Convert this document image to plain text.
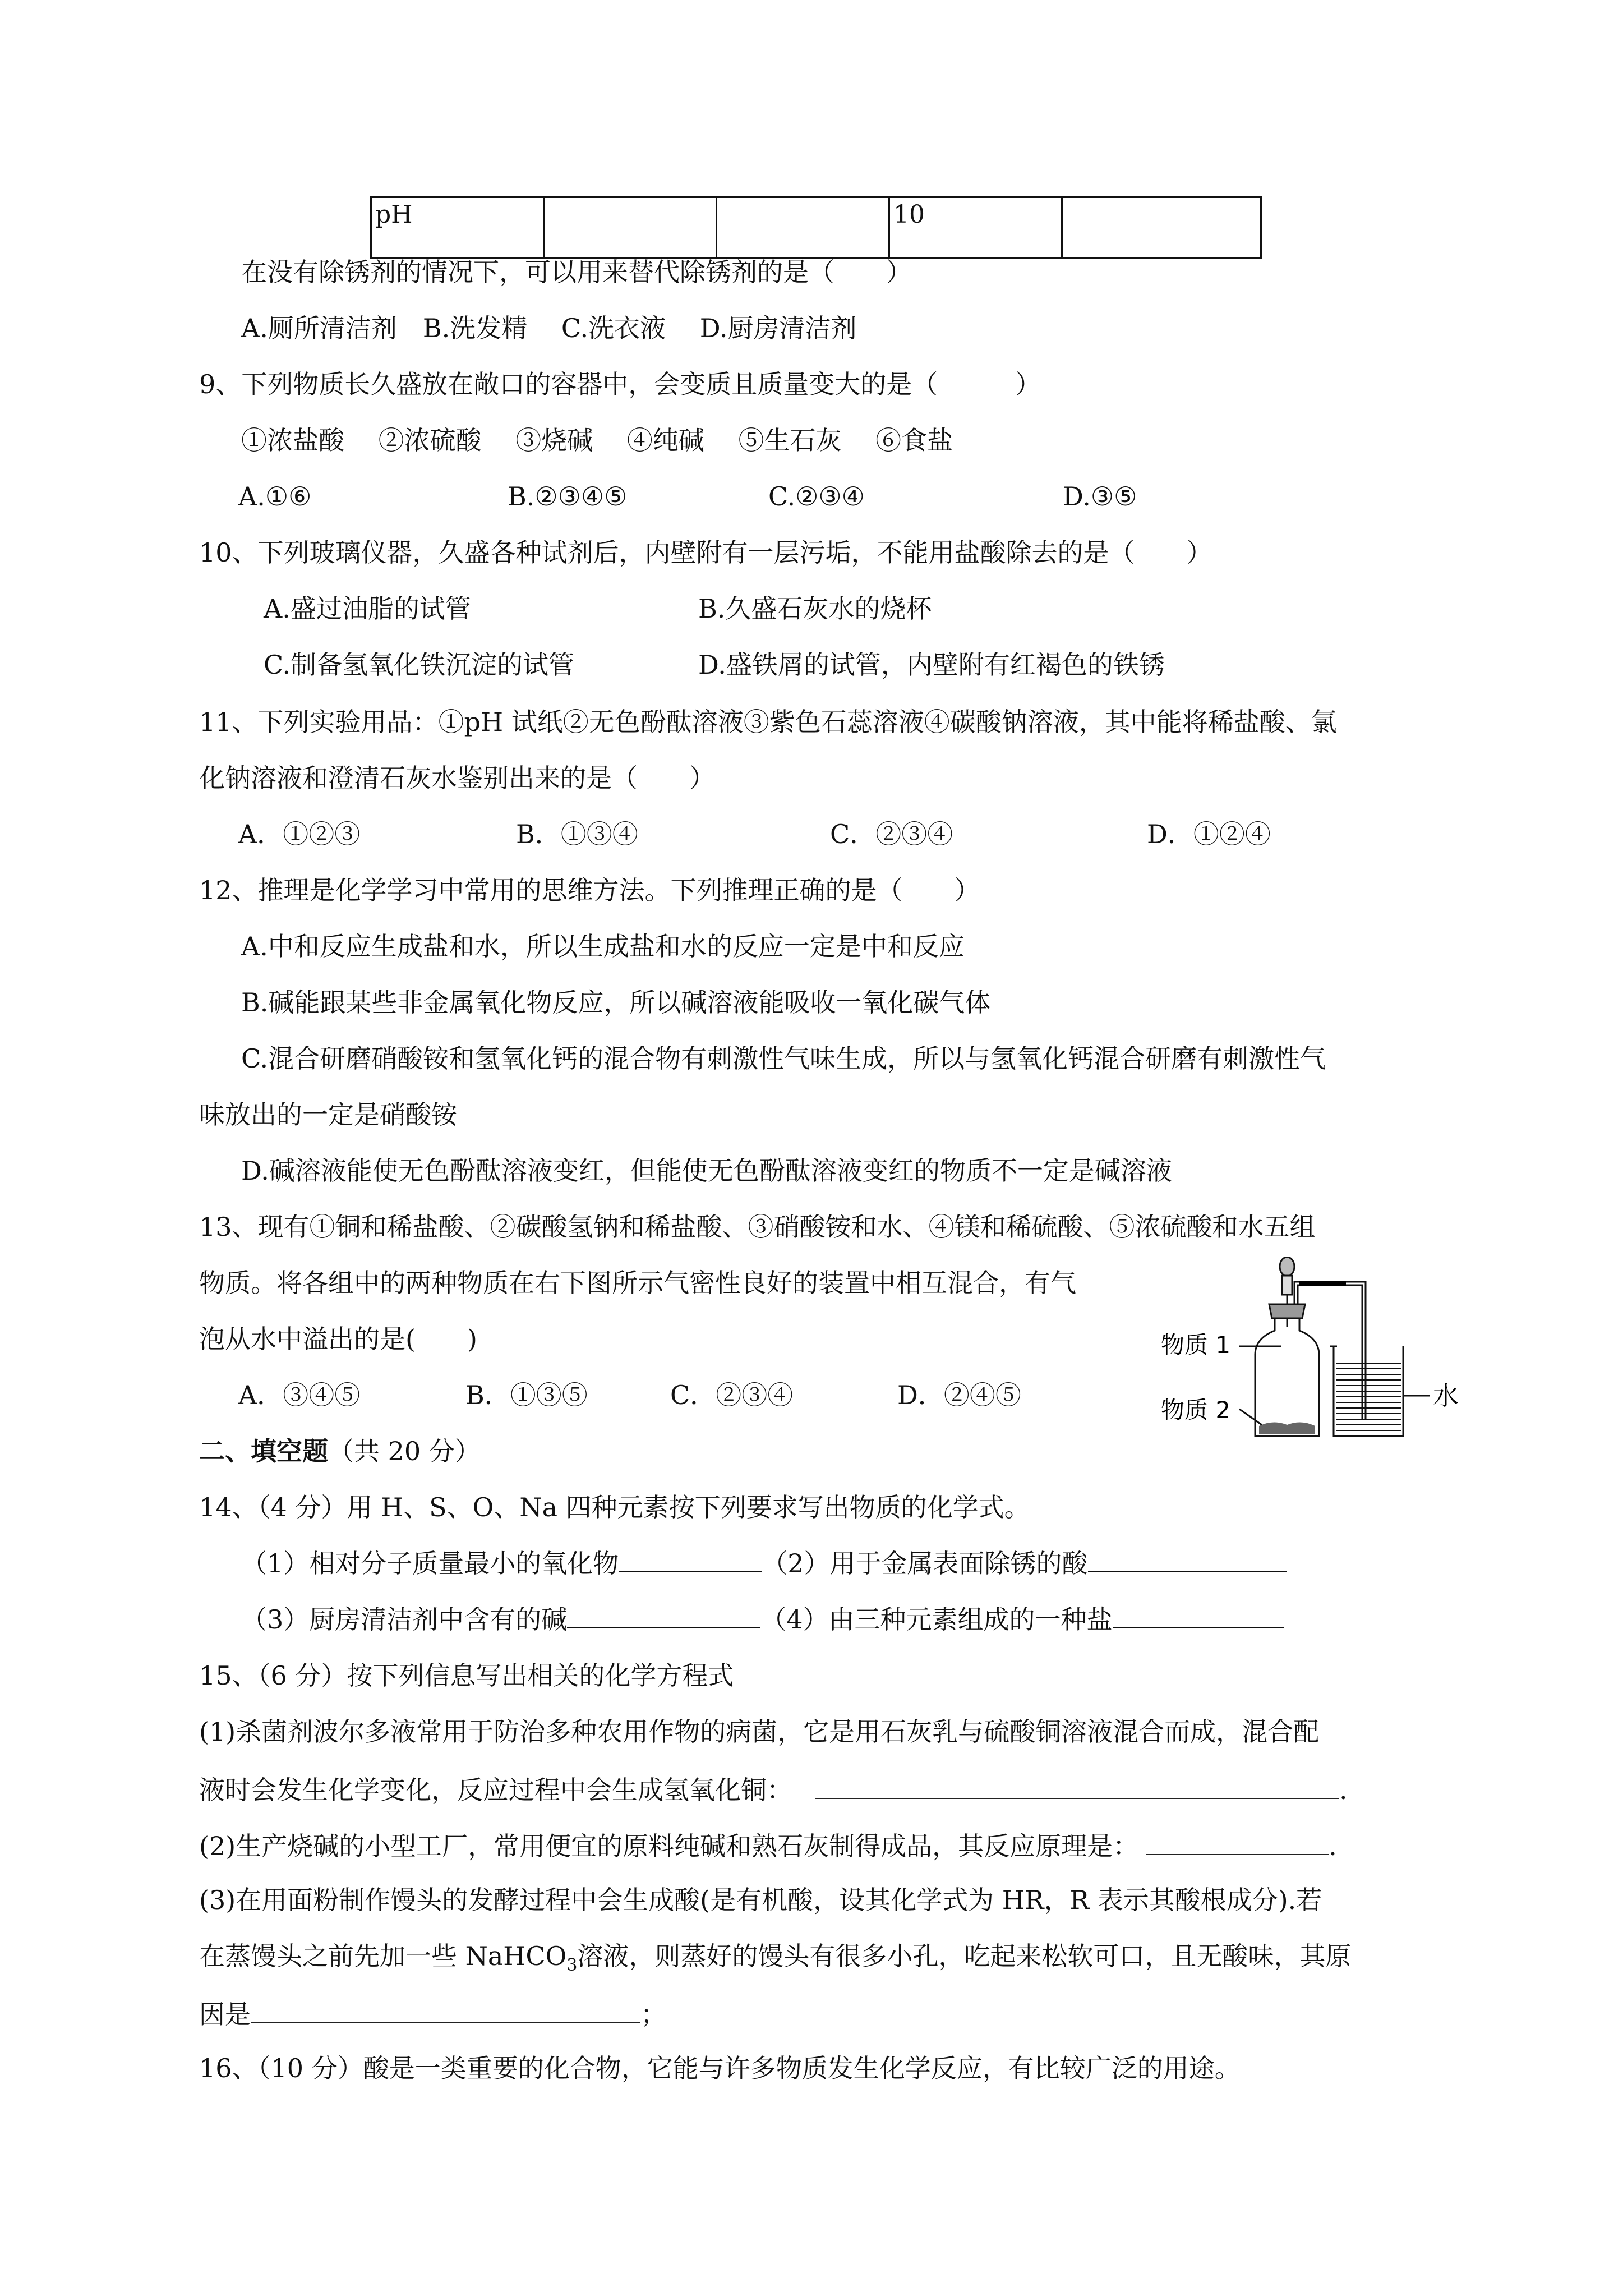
pH			10	
在没有除锈剂的情况下，可以用来替代除锈剂的是（　　）
A.厕所清洁剂　B.洗发精　 C.洗衣液　 D.厨房清洁剂
9、下列物质长久盛放在敞口的容器中，会变质且质量变大的是（　　　）
①浓盐酸　 ②浓硫酸　 ③烧碱　 ④纯碱　 ⑤生石灰　 ⑥食盐
A.①⑥	B.②③④⑤	C.②③④	D.③⑤
10、下列玻璃仪器，久盛各种试剂后，内壁附有一层污垢，不能用盐酸除去的是（　　）
A.盛过油脂的试管	B.久盛石灰水的烧杯
C.制备氢氧化铁沉淀的试管	D.盛铁屑的试管，内壁附有红褐色的铁锈
11、下列实验用品：①pH 试纸②无色酚酞溶液③紫色石蕊溶液④碳酸钠溶液，其中能将稀盐酸、氯
化钠溶液和澄清石灰水鉴别出来的是（　　）
A．①②③	B．①③④	C．②③④	D．①②④
12、推理是化学学习中常用的思维方法。下列推理正确的是（　　）
A.中和反应生成盐和水，所以生成盐和水的反应一定是中和反应
B.碱能跟某些非金属氧化物反应，所以碱溶液能吸收一氧化碳气体
C.混合研磨硝酸铵和氢氧化钙的混合物有刺激性气味生成，所以与氢氧化钙混合研磨有刺激性气
味放出的一定是硝酸铵
D.碱溶液能使无色酚酞溶液变红，但能使无色酚酞溶液变红的物质不一定是碱溶液
13、现有①铜和稀盐酸、②碳酸氢钠和稀盐酸、③硝酸铵和水、④镁和稀硫酸、⑤浓硫酸和水五组
物质。将各组中的两种物质在右下图所示气密性良好的装置中相互混合，有气
泡从水中溢出的是(　　)
A．③④⑤	B．①③⑤	C．②③④	D．②④⑤
物质 1
物质 2	水
二、填空题（共 20 分）
14、（4 分）用 H、S、O、Na 四种元素按下列要求写出物质的化学式。
（1）相对分子质量最小的氧化物	（2）用于金属表面除锈的酸
（3）厨房清洁剂中含有的碱	（4）由三种元素组成的一种盐
15、（6 分）按下列信息写出相关的化学方程式
(1)杀菌剂波尔多液常用于防治多种农用作物的病菌，它是用石灰乳与硫酸铜溶液混合而成，混合配
液时会发生化学变化，反应过程中会生成氢氧化铜：	.
(2)生产烧碱的小型工厂，常用便宜的原料纯碱和熟石灰制得成品，其反应原理是：	.
(3)在用面粉制作馒头的发酵过程中会生成酸(是有机酸，设其化学式为 HR，R 表示其酸根成分).若
在蒸馒头之前先加一些 NaHCO$_3$溶液，则蒸好的馒头有很多小孔，吃起来松软可口，且无酸味，其原
因是	；
16、（10 分）酸是一类重要的化合物，它能与许多物质发生化学反应，有比较广泛的用途。
